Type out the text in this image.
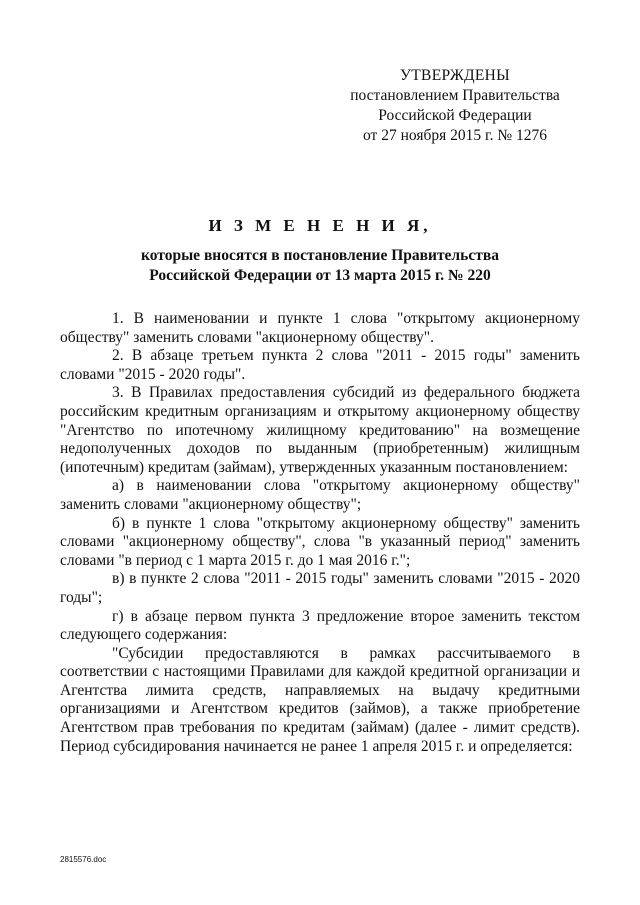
УТВЕРЖДЕНЫ
постановлением Правительства
Российской Федерации
от 27 ноября 2015 г. № 1276
И З М Е Н Е Н И Я,
которые вносятся в постановление Правительства
Российской Федерации от 13 марта 2015 г. № 220

1. В наименовании и пункте 1 слова "открытому акционерному обществу" заменить словами "акционерному обществу".

2. В абзаце третьем пункта 2 слова "2011 - 2015 годы" заменить словами "2015 - 2020 годы".

3. В Правилах предоставления субсидий из федерального бюджета российским кредитным организациям и открытому акционерному обществу "Агентство по ипотечному жилищному кредитованию" на возмещение недополученных доходов по выданным (приобретенным) жилищным (ипотечным) кредитам (займам), утвержденных указанным постановлением:

а) в наименовании слова "открытому акционерному обществу" заменить словами "акционерному обществу";

б) в пункте 1 слова "открытому акционерному обществу" заменить словами "акционерному обществу", слова "в указанный период" заменить словами "в период с 1 марта 2015 г. до 1 мая 2016 г.";

в) в пункте 2 слова "2011 - 2015 годы" заменить словами "2015 - 2020 годы";

г) в абзаце первом пункта 3 предложение второе заменить текстом следующего содержания:

"Субсидии предоставляются в рамках рассчитываемого в соответствии с настоящими Правилами для каждой кредитной организации и Агентства лимита средств, направляемых на выдачу кредитными организациями и Агентством кредитов (займов), а также приобретение Агентством прав требования по кредитам (займам) (далее - лимит средств). Период субсидирования начинается не ранее 1 апреля 2015 г. и определяется:

2815576.doc
